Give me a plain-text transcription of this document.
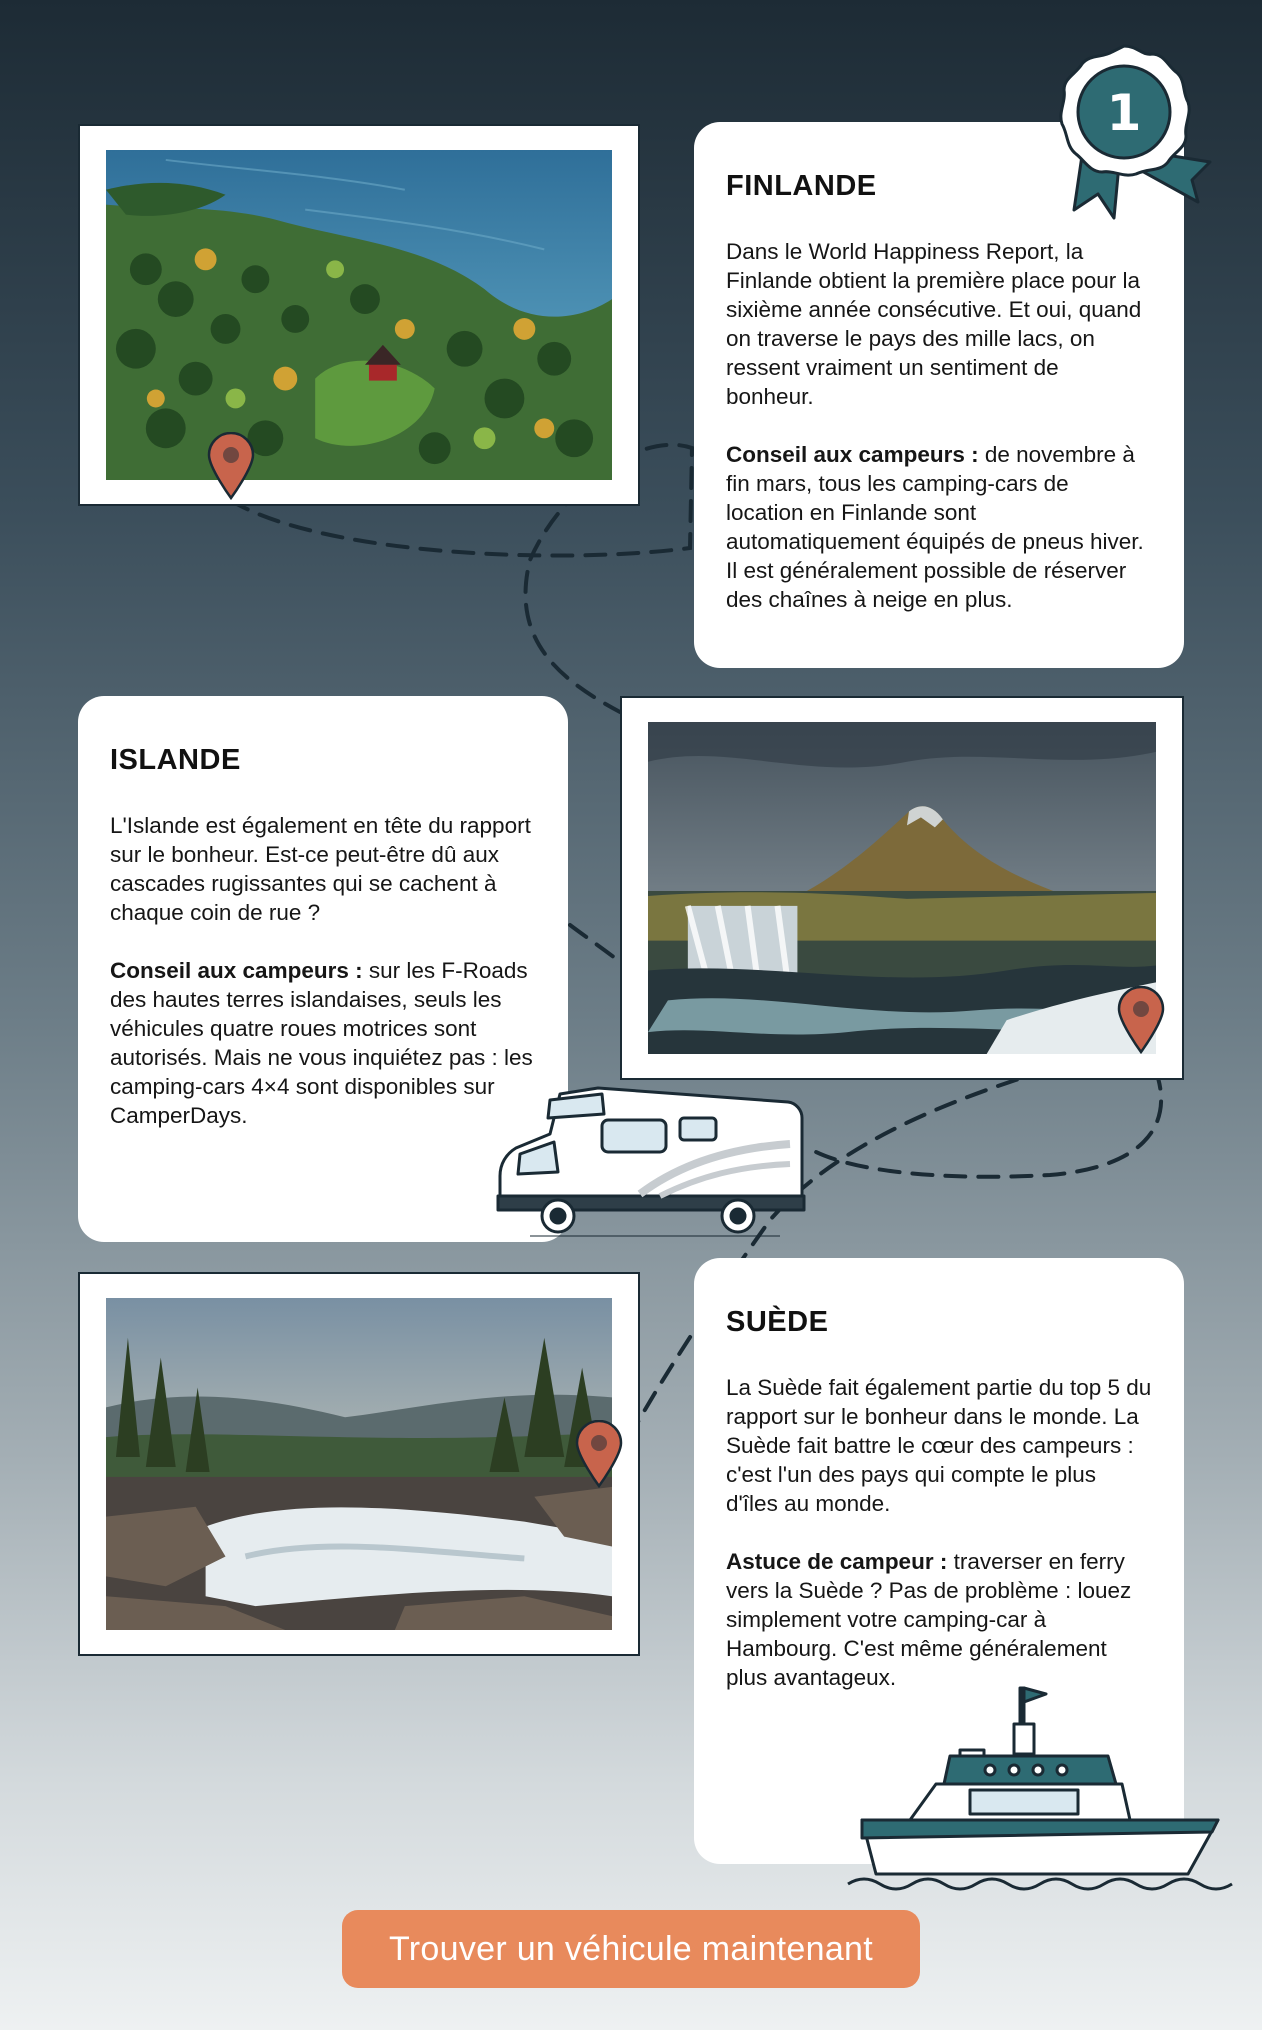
FINLANDE

Dans le World Happiness Report, la Finlande obtient la première place pour la sixième année consécutive. Et oui, quand on traverse le pays des mille lacs, on ressent vraiment un sentiment de bonheur.

Conseil aux campeurs : de novembre à fin mars, tous les camping-cars de location en Finlande sont automatiquement équipés de pneus hiver. Il est généralement possible de réserver des chaînes à neige en plus.

1
ISLANDE

L'Islande est également en tête du rapport sur le bonheur. Est-ce peut-être dû aux cascades rugissantes qui se cachent à chaque coin de rue ?

Conseil aux campeurs : sur les F-Roads des hautes terres islandaises, seuls les véhicules quatre roues motrices sont autorisés. Mais ne vous inquiétez pas : les camping-cars 4×4 sont disponibles sur CamperDays.

SUÈDE

La Suède fait également partie du top 5 du rapport sur le bonheur dans le monde. La Suède fait battre le cœur des campeurs : c'est l'un des pays qui compte le plus d'îles au monde.

Astuce de campeur : traverser en ferry vers la Suède ? Pas de problème : louez simplement votre camping-car à Hambourg. C'est même généralement plus avantageux.

Trouver un véhicule maintenant
